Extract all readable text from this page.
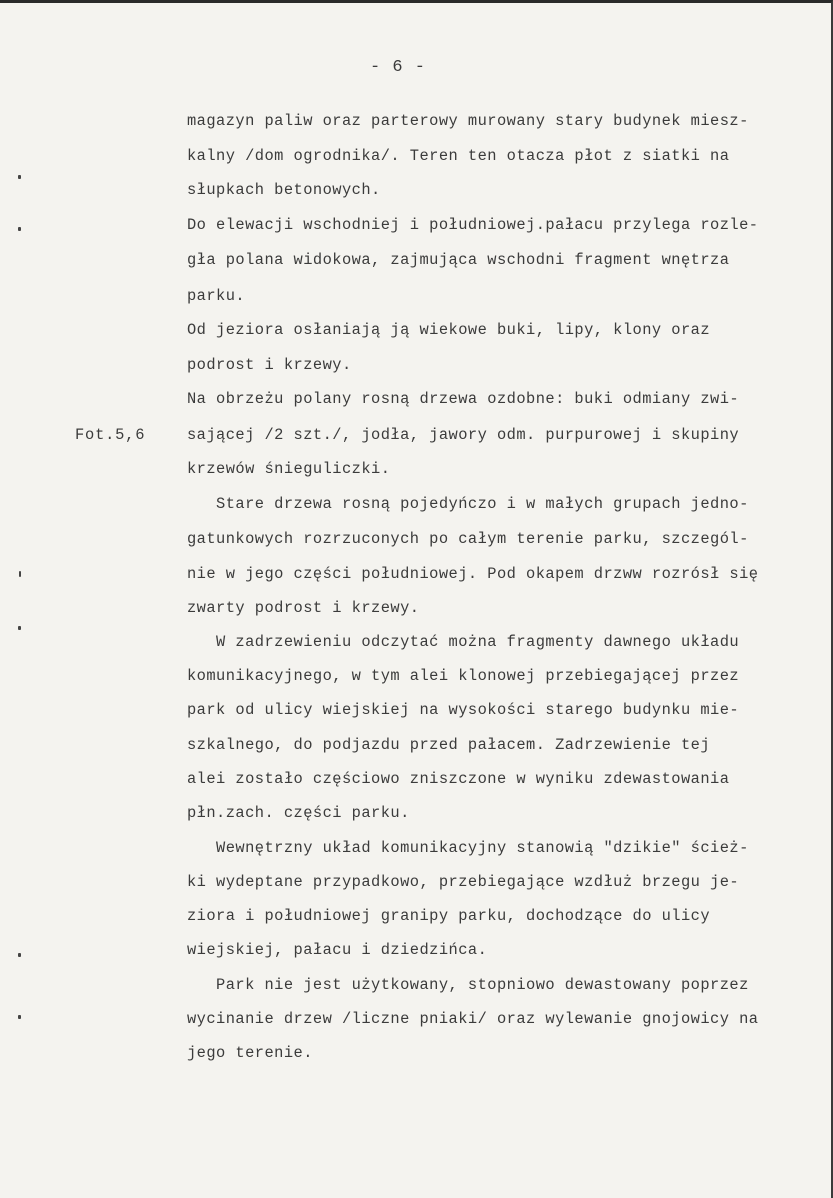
- 6 -
Fot.5,6
magazyn paliw oraz parterowy murowany stary budynek miesz-
kalny /dom ogrodnika/. Teren ten otacza płot z siatki na
słupkach betonowych.
Do elewacji wschodniej i południowej.pałacu przylega rozle-
gła polana widokowa, zajmująca wschodni fragment wnętrza
parku.
Od jeziora osłaniają ją wiekowe buki, lipy, klony oraz
podrost i krzewy.
Na obrzeżu polany rosną drzewa ozdobne: buki odmiany zwi-
sającej /2 szt./, jodła, jawory odm. purpurowej i skupiny
krzewów śnieguliczki.
Stare drzewa rosną pojedyńczo i w małych grupach jedno-
gatunkowych rozrzuconych po całym terenie parku, szczegól-
nie w jego części południowej. Pod okapem drzww rozrósł się
zwarty podrost i krzewy.
W zadrzewieniu odczytać można fragmenty dawnego układu
komunikacyjnego, w tym alei klonowej przebiegającej przez
park od ulicy wiejskiej na wysokości starego budynku mie-
szkalnego, do podjazdu przed pałacem. Zadrzewienie tej
alei zostało częściowo zniszczone w wyniku zdewastowania
płn.zach. części parku.
Wewnętrzny układ komunikacyjny stanowią "dzikie" ścież-
ki wydeptane przypadkowo, przebiegające wzdłuż brzegu je-
ziora i południowej granipy parku, dochodzące do ulicy
wiejskiej, pałacu i dziedzińca.
Park nie jest użytkowany, stopniowo dewastowany poprzez
wycinanie drzew /liczne pniaki/ oraz wylewanie gnojowicy na
jego terenie.
